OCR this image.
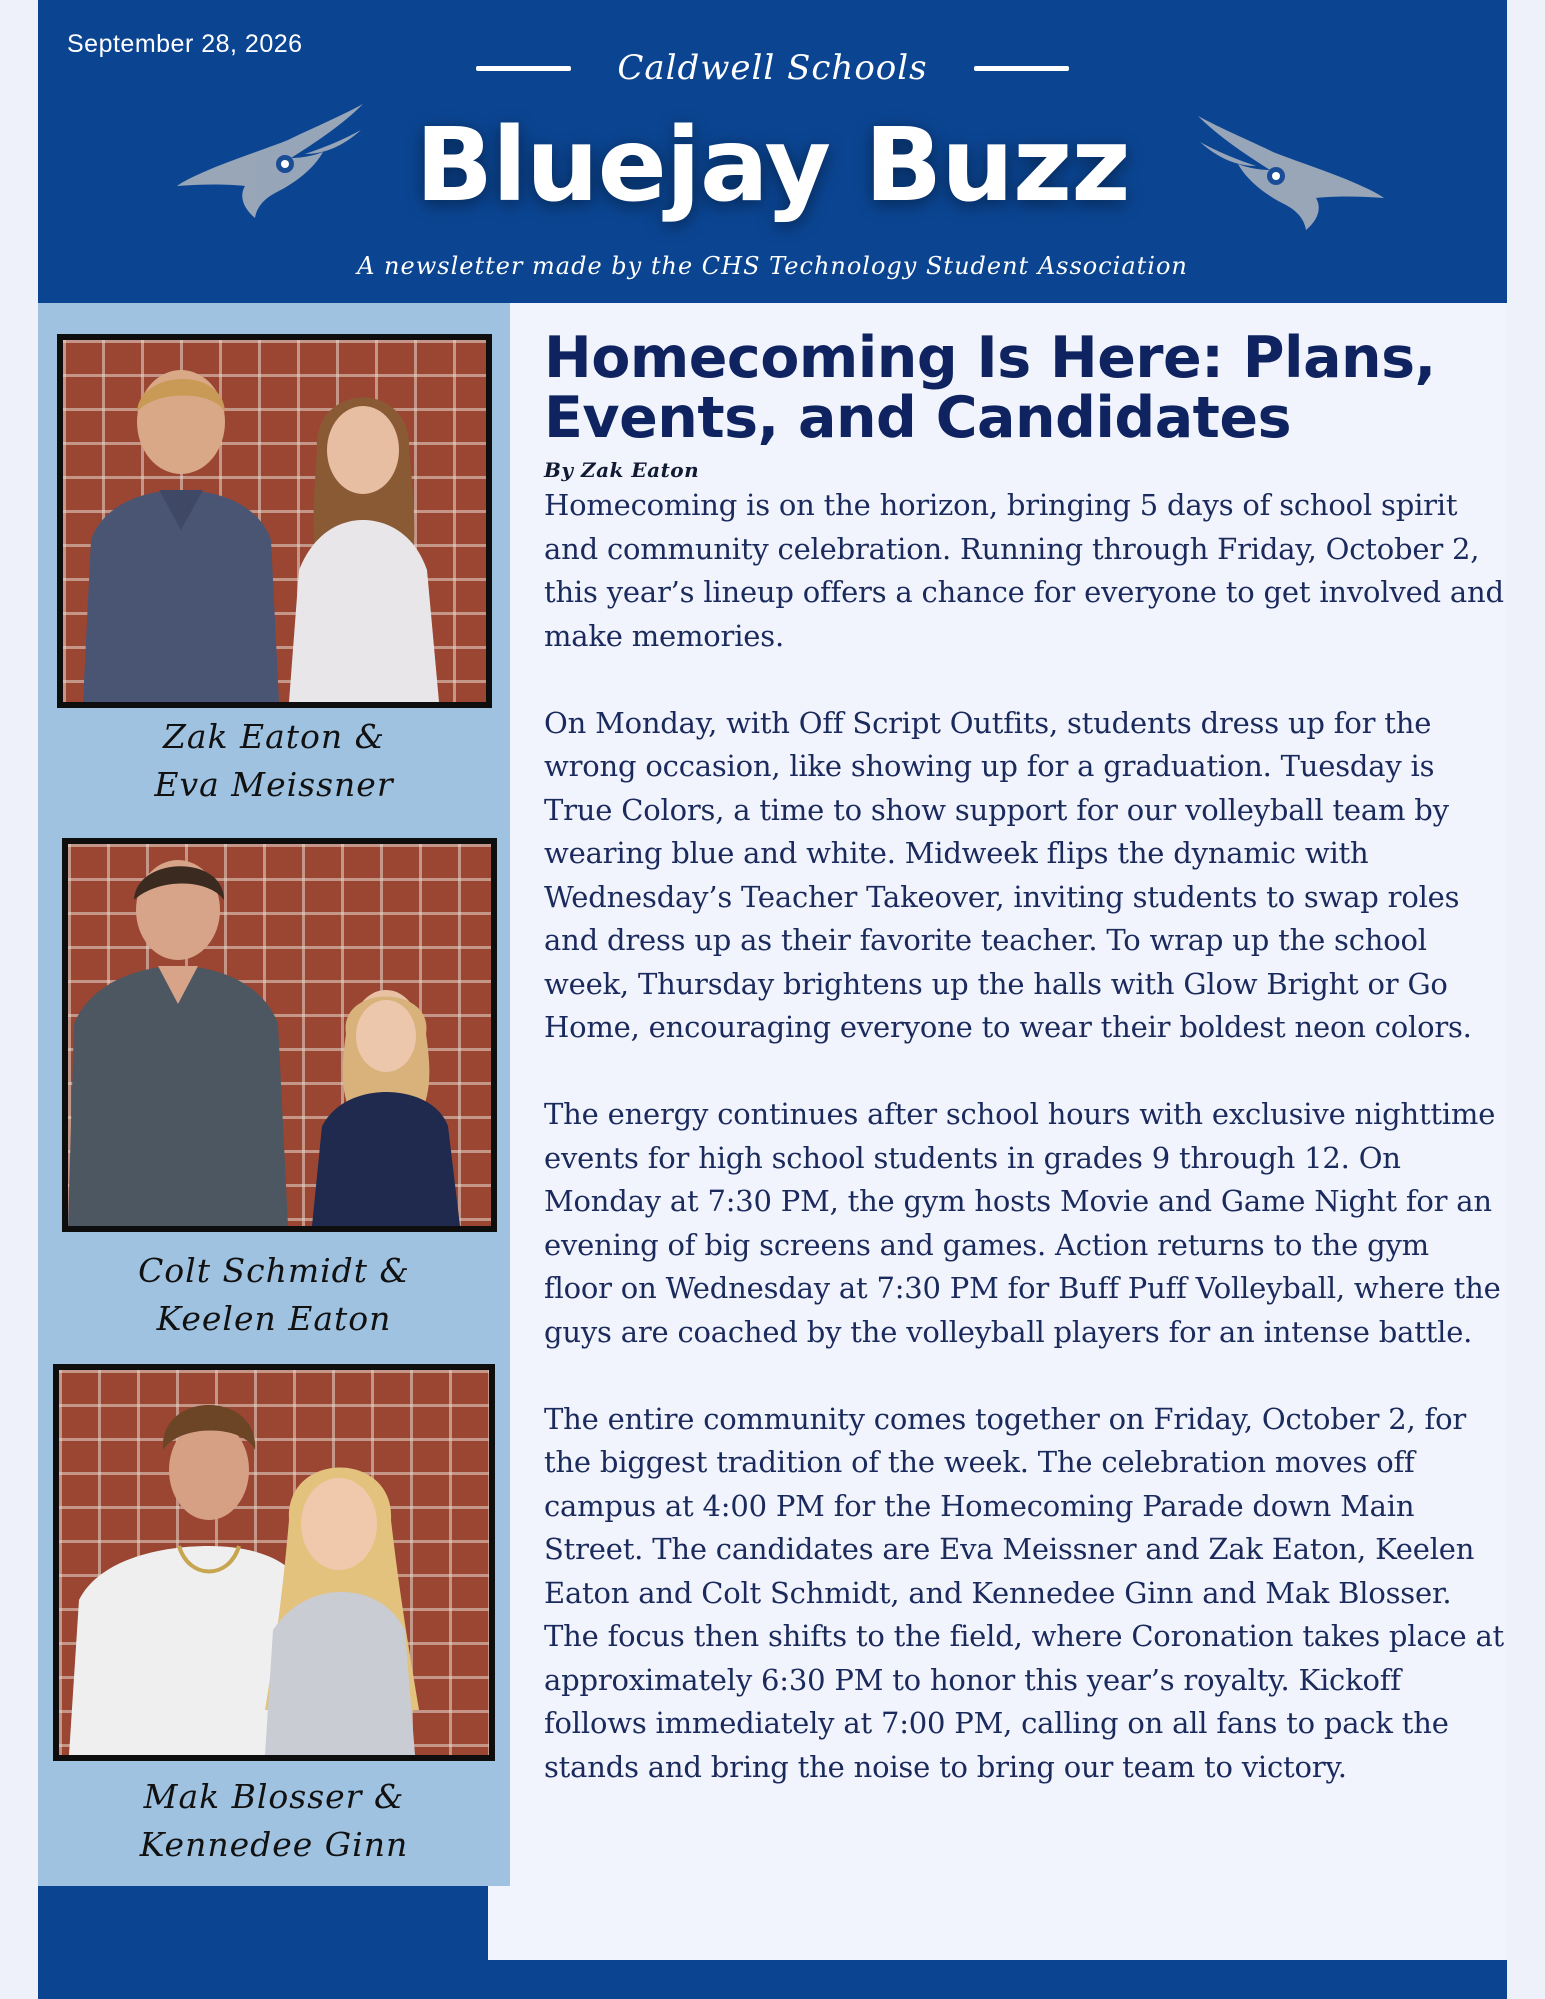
September 28, 2026
Caldwell Schools
Bluejay Buzz
A newsletter made by the CHS Technology Student Association
Zak Eaton &
Eva Meissner
Colt Schmidt &
Keelen Eaton
Mak Blosser &
Kennedee Ginn
Homecoming Is Here: Plans, Events, and Candidates
By Zak Eaton

Homecoming is on the horizon, bringing 5 days of school spirit and community celebration. Running through Friday, October 2, this year’s lineup offers a chance for everyone to get involved and make memories.

On Monday, with Off Script Outfits, students dress up for the wrong occasion, like showing up for a graduation. Tuesday is True Colors, a time to show support for our volleyball team by wearing blue and white. Midweek flips the dynamic with Wednesday’s Teacher Takeover, inviting students to swap roles and dress up as their favorite teacher. To wrap up the school week, Thursday brightens up the halls with Glow Bright or Go Home, encouraging everyone to wear their boldest neon colors.

The energy continues after school hours with exclusive nighttime events for high school students in grades 9 through 12. On Monday at 7:30 PM, the gym hosts Movie and Game Night for an evening of big screens and games. Action returns to the gym floor on Wednesday at 7:30 PM for Buff Puff Volleyball, where the guys are coached by the volleyball players for an intense battle.

The entire community comes together on Friday, October 2, for the biggest tradition of the week. The celebration moves off campus at 4:00 PM for the Homecoming Parade down Main Street. The candidates are Eva Meissner and Zak Eaton, Keelen Eaton and Colt Schmidt, and Kennedee Ginn and Mak Blosser. The focus then shifts to the field, where Coronation takes place at approximately 6:30 PM to honor this year’s royalty. Kickoff follows immediately at 7:00 PM, calling on all fans to pack the stands and bring the noise to bring our team to victory.
